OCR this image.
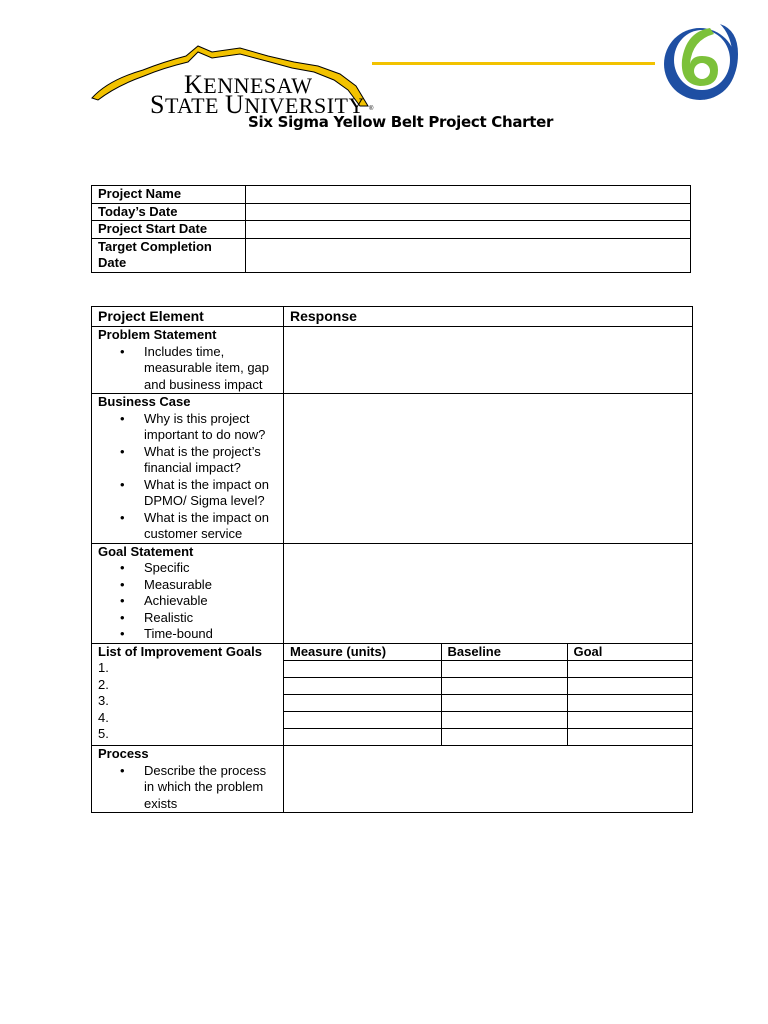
KENNESAW
STATE UNIVERSITY ®
Six Sigma Yellow Belt Project Charter
Project Name	
Today’s Date	
Project Start Date	
Target Completion Date	
Project Element	Response

Problem Statement
• Includes time, measurable item, gap and business impact

Business Case
• Why is this project important to do now?
• What is the project’s financial impact?
• What is the impact on DPMO/ Sigma level?
• What is the impact on customer service

Goal Statement
• Specific
• Measurable
• Achievable
• Realistic
• Time-bound

List of Improvement Goals
1.
2.
3.
4.
5.

Measure (units)	Baseline	Goal

Process
• Describe the process in which the problem exists
